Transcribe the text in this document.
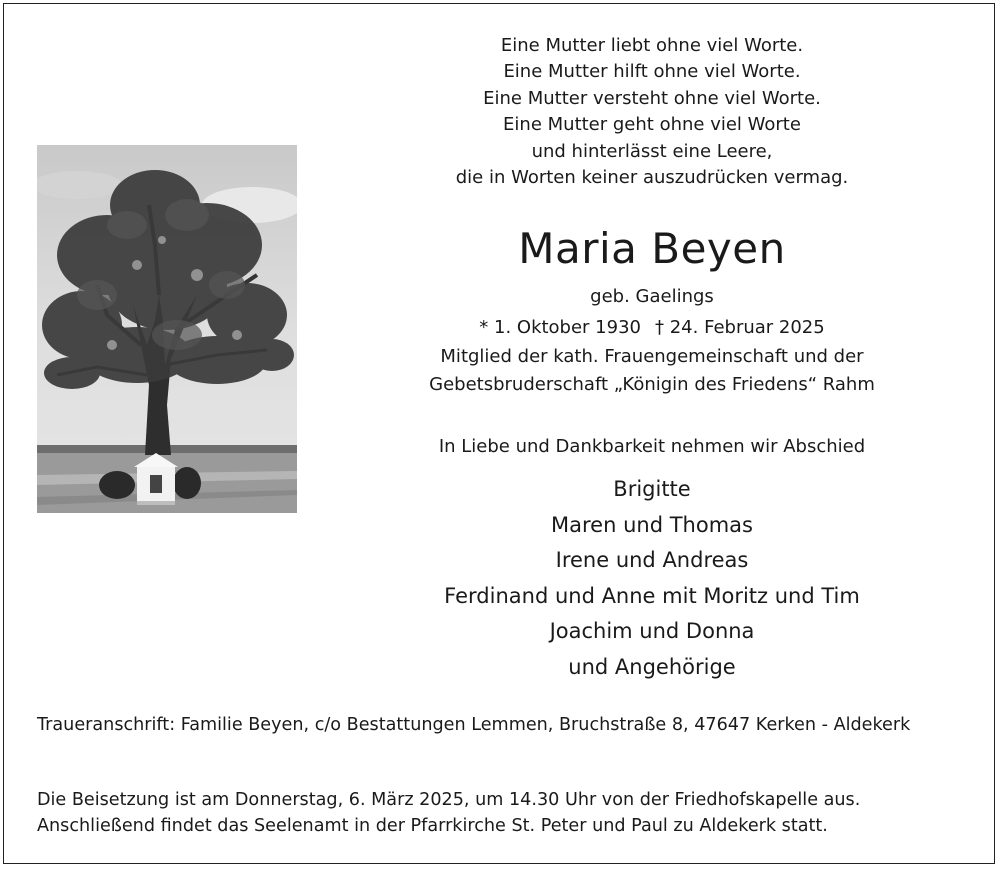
Eine Mutter liebt ohne viel Worte.
Eine Mutter hilft ohne viel Worte.
Eine Mutter versteht ohne viel Worte.
Eine Mutter geht ohne viel Worte
und hinterlässt eine Leere,
die in Worten keiner auszudrücken vermag.
Maria Beyen
geb. Gaelings
* 1. Oktober 1930 † 24. Februar 2025
Mitglied der kath. Frauengemeinschaft und der
Gebetsbruderschaft „Königin des Friedens“ Rahm
In Liebe und Dankbarkeit nehmen wir Abschied
Brigitte
Maren und Thomas
Irene und Andreas
Ferdinand und Anne mit Moritz und Tim
Joachim und Donna
und Angehörige
Traueranschrift: Familie Beyen, c/o Bestattungen Lemmen, Bruchstraße 8, 47647 Kerken - Aldekerk
Die Beisetzung ist am Donnerstag, 6. März 2025, um 14.30 Uhr von der Friedhofskapelle aus.
Anschließend findet das Seelenamt in der Pfarrkirche St. Peter und Paul zu Aldekerk statt.
